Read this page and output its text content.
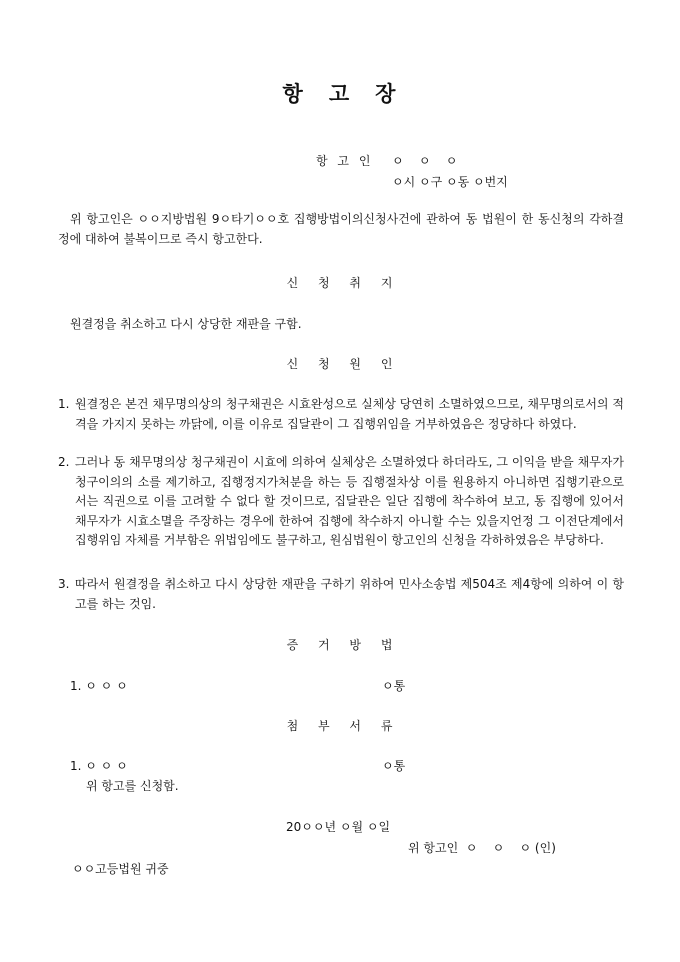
항 고 장
항 고 인 ㅇ    ㅇ    ㅇ
ㅇ시 ㅇ구 ㅇ동 ㅇ번지
위 항고인은 ㅇㅇ지방법원 9ㅇ타기ㅇㅇ호 집행방법이의신청사건에 관하여 동 법원이 한 동신청의 각하결정에 대하여 불복이므로 즉시 항고한다.
신 청 취 지
원결정을 취소하고 다시 상당한 재판을 구함.
신 청 원 인
1. 원결정은 본건 채무명의상의 청구채권은 시효완성으로 실체상 당연히 소멸하였으므로, 채무명의로서의 적격을 가지지 못하는 까닭에, 이를 이유로 집달관이 그 집행위임을 거부하였음은 정당하다 하였다.
2. 그러나 동 채무명의상 청구채권이 시효에 의하여 실체상은 소멸하였다 하더라도, 그 이익을 받을 채무자가 청구이의의 소를 제기하고, 집행정지가처분을 하는 등 집행절차상 이를 원용하지 아니하면 집행기관으로서는 직권으로 이를 고려할 수 없다 할 것이므로, 집달관은 일단 집행에 착수하여 보고, 동 집행에 있어서 채무자가 시효소멸을 주장하는 경우에 한하여 집행에 착수하지 아니할 수는 있을지언정 그 이전단계에서 집행위임 자체를 거부함은 위법임에도 불구하고, 원심법원이 항고인의 신청을 각하하였음은 부당하다.
3. 따라서 원결정을 취소하고 다시 상당한 재판을 구하기 위하여 민사소송법 제504조 제4항에 의하여 이 항고를 하는 것임.
증 거 방 법
1. ㅇ ㅇ ㅇ	ㅇ통
첨 부 서 류
1. ㅇ ㅇ ㅇ	ㅇ통
위 항고를 신청함.
20ㅇㅇ년 ㅇ월 ㅇ일
위 항고인  ㅇ    ㅇ    ㅇ (인)
ㅇㅇ고등법원 귀중
